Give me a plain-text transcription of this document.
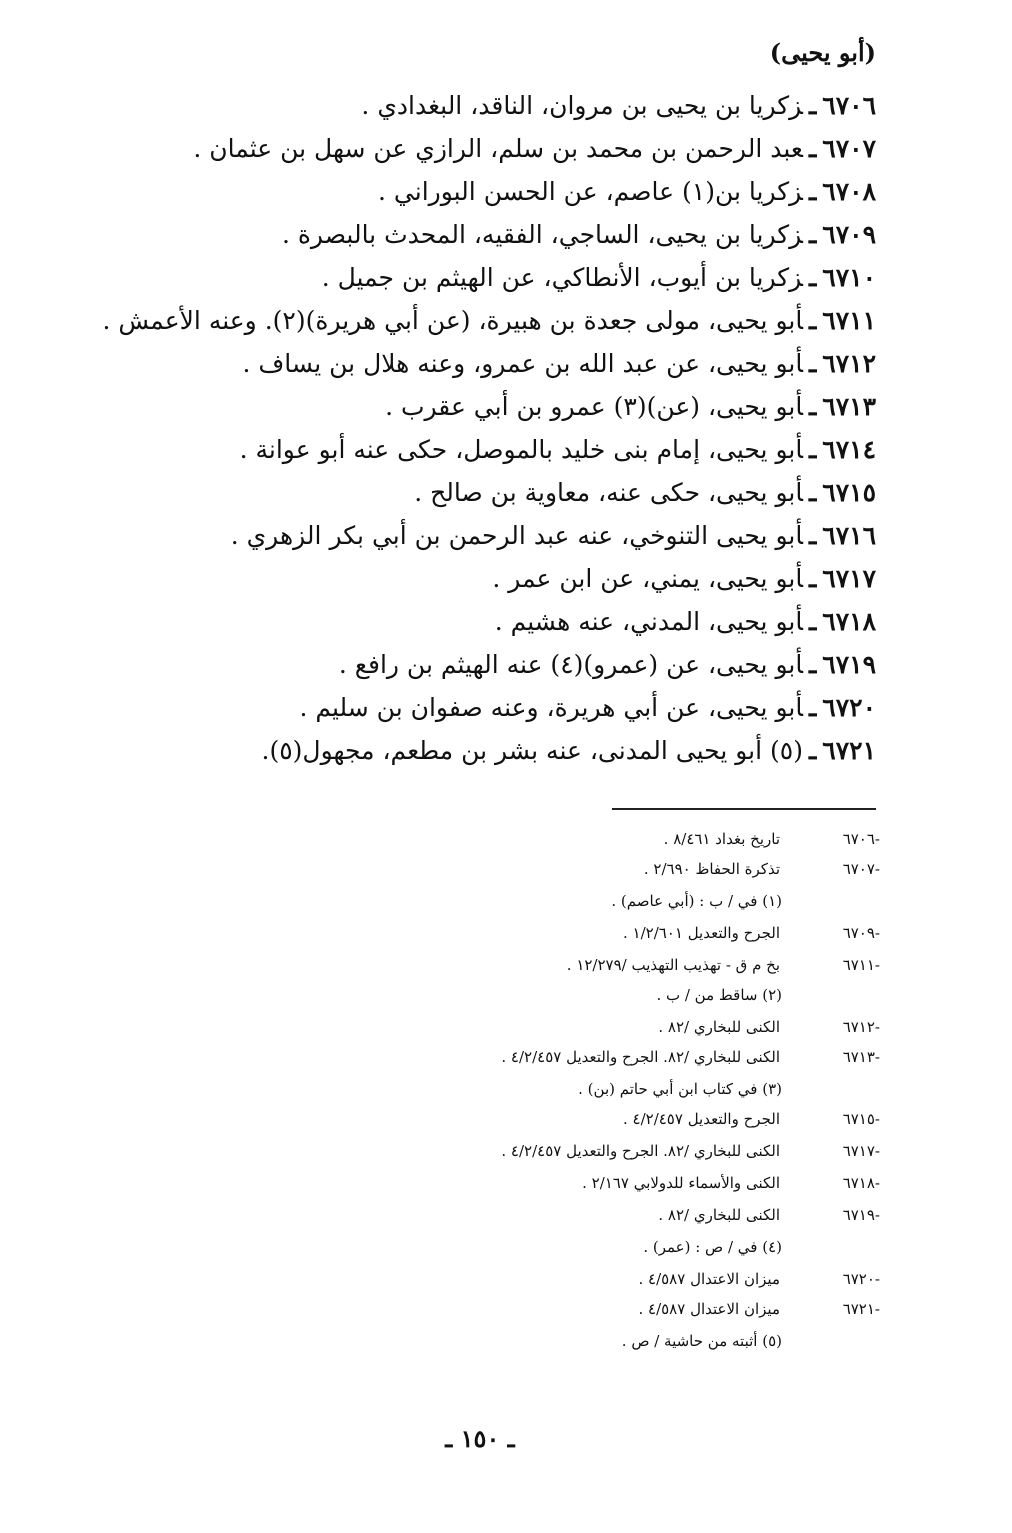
(أبو يحيى)
٦٧٠٦ـزكريا بن يحيى بن مروان، الناقد، البغدادي .
٦٧٠٧ـعبد الرحمن بن محمد بن سلم، الرازي عن سهل بن عثمان .
٦٧٠٨ـزكريا بن(١) عاصم، عن الحسن البوراني .
٦٧٠٩ـزكريا بن يحيى، الساجي، الفقيه، المحدث بالبصرة .
٦٧١٠ـزكريا بن أيوب، الأنطاكي، عن الهيثم بن جميل .
٦٧١١ـأبو يحيى، مولى جعدة بن هبيرة، (عن أبي هريرة)(٢). وعنه الأعمش .
٦٧١٢ـأبو يحيى، عن عبد الله بن عمرو، وعنه هلال بن يساف .
٦٧١٣ـأبو يحيى، (عن)(٣) عمرو بن أبي عقرب .
٦٧١٤ـأبو يحيى، إمام بنى خليد بالموصل، حكى عنه أبو عوانة .
٦٧١٥ـأبو يحيى، حكى عنه، معاوية بن صالح .
٦٧١٦ـأبو يحيى التنوخي، عنه عبد الرحمن بن أبي بكر الزهري .
٦٧١٧ـأبو يحيى، يمني، عن ابن عمر .
٦٧١٨ـأبو يحيى، المدني، عنه هشيم .
٦٧١٩ـأبو يحيى، عن (عمرو)(٤) عنه الهيثم بن رافع .
٦٧٢٠ـأبو يحيى، عن أبي هريرة، وعنه صفوان بن سليم .
٦٧٢١ـ(٥) أبو يحيى المدنى، عنه بشر بن مطعم، مجهول(٥).
-٦٧٠٦
تاريخ بغداد ٨/٤٦١ .
-٦٧٠٧
تذكرة الحفاظ ٢/٦٩٠ .
(١) في / ب : (أبي عاصم) .
-٦٧٠٩
الجرح والتعديل ١/٢/٦٠١ .
-٦٧١١
بخ م ق - تهذيب التهذيب /١٢/٢٧٩ .
(٢) ساقط من / ب .
-٦٧١٢
الكنى للبخاري /٨٢ .
-٦٧١٣
الكنى للبخاري /٨٢. الجرح والتعديل ٤/٢/٤٥٧ .
(٣) في كتاب ابن أبي حاتم (بن) .
-٦٧١٥
الجرح والتعديل ٤/٢/٤٥٧ .
-٦٧١٧
الكنى للبخاري /٨٢. الجرح والتعديل ٤/٢/٤٥٧ .
-٦٧١٨
الكنى والأسماء للدولابي ٢/١٦٧ .
-٦٧١٩
الكنى للبخاري /٨٢ .
(٤) في / ص : (عمر) .
-٦٧٢٠
ميزان الاعتدال ٤/٥٨٧ .
-٦٧٢١
ميزان الاعتدال ٤/٥٨٧ .
(٥) أثبته من حاشية / ص .
ـ ١٥٠ ـ
